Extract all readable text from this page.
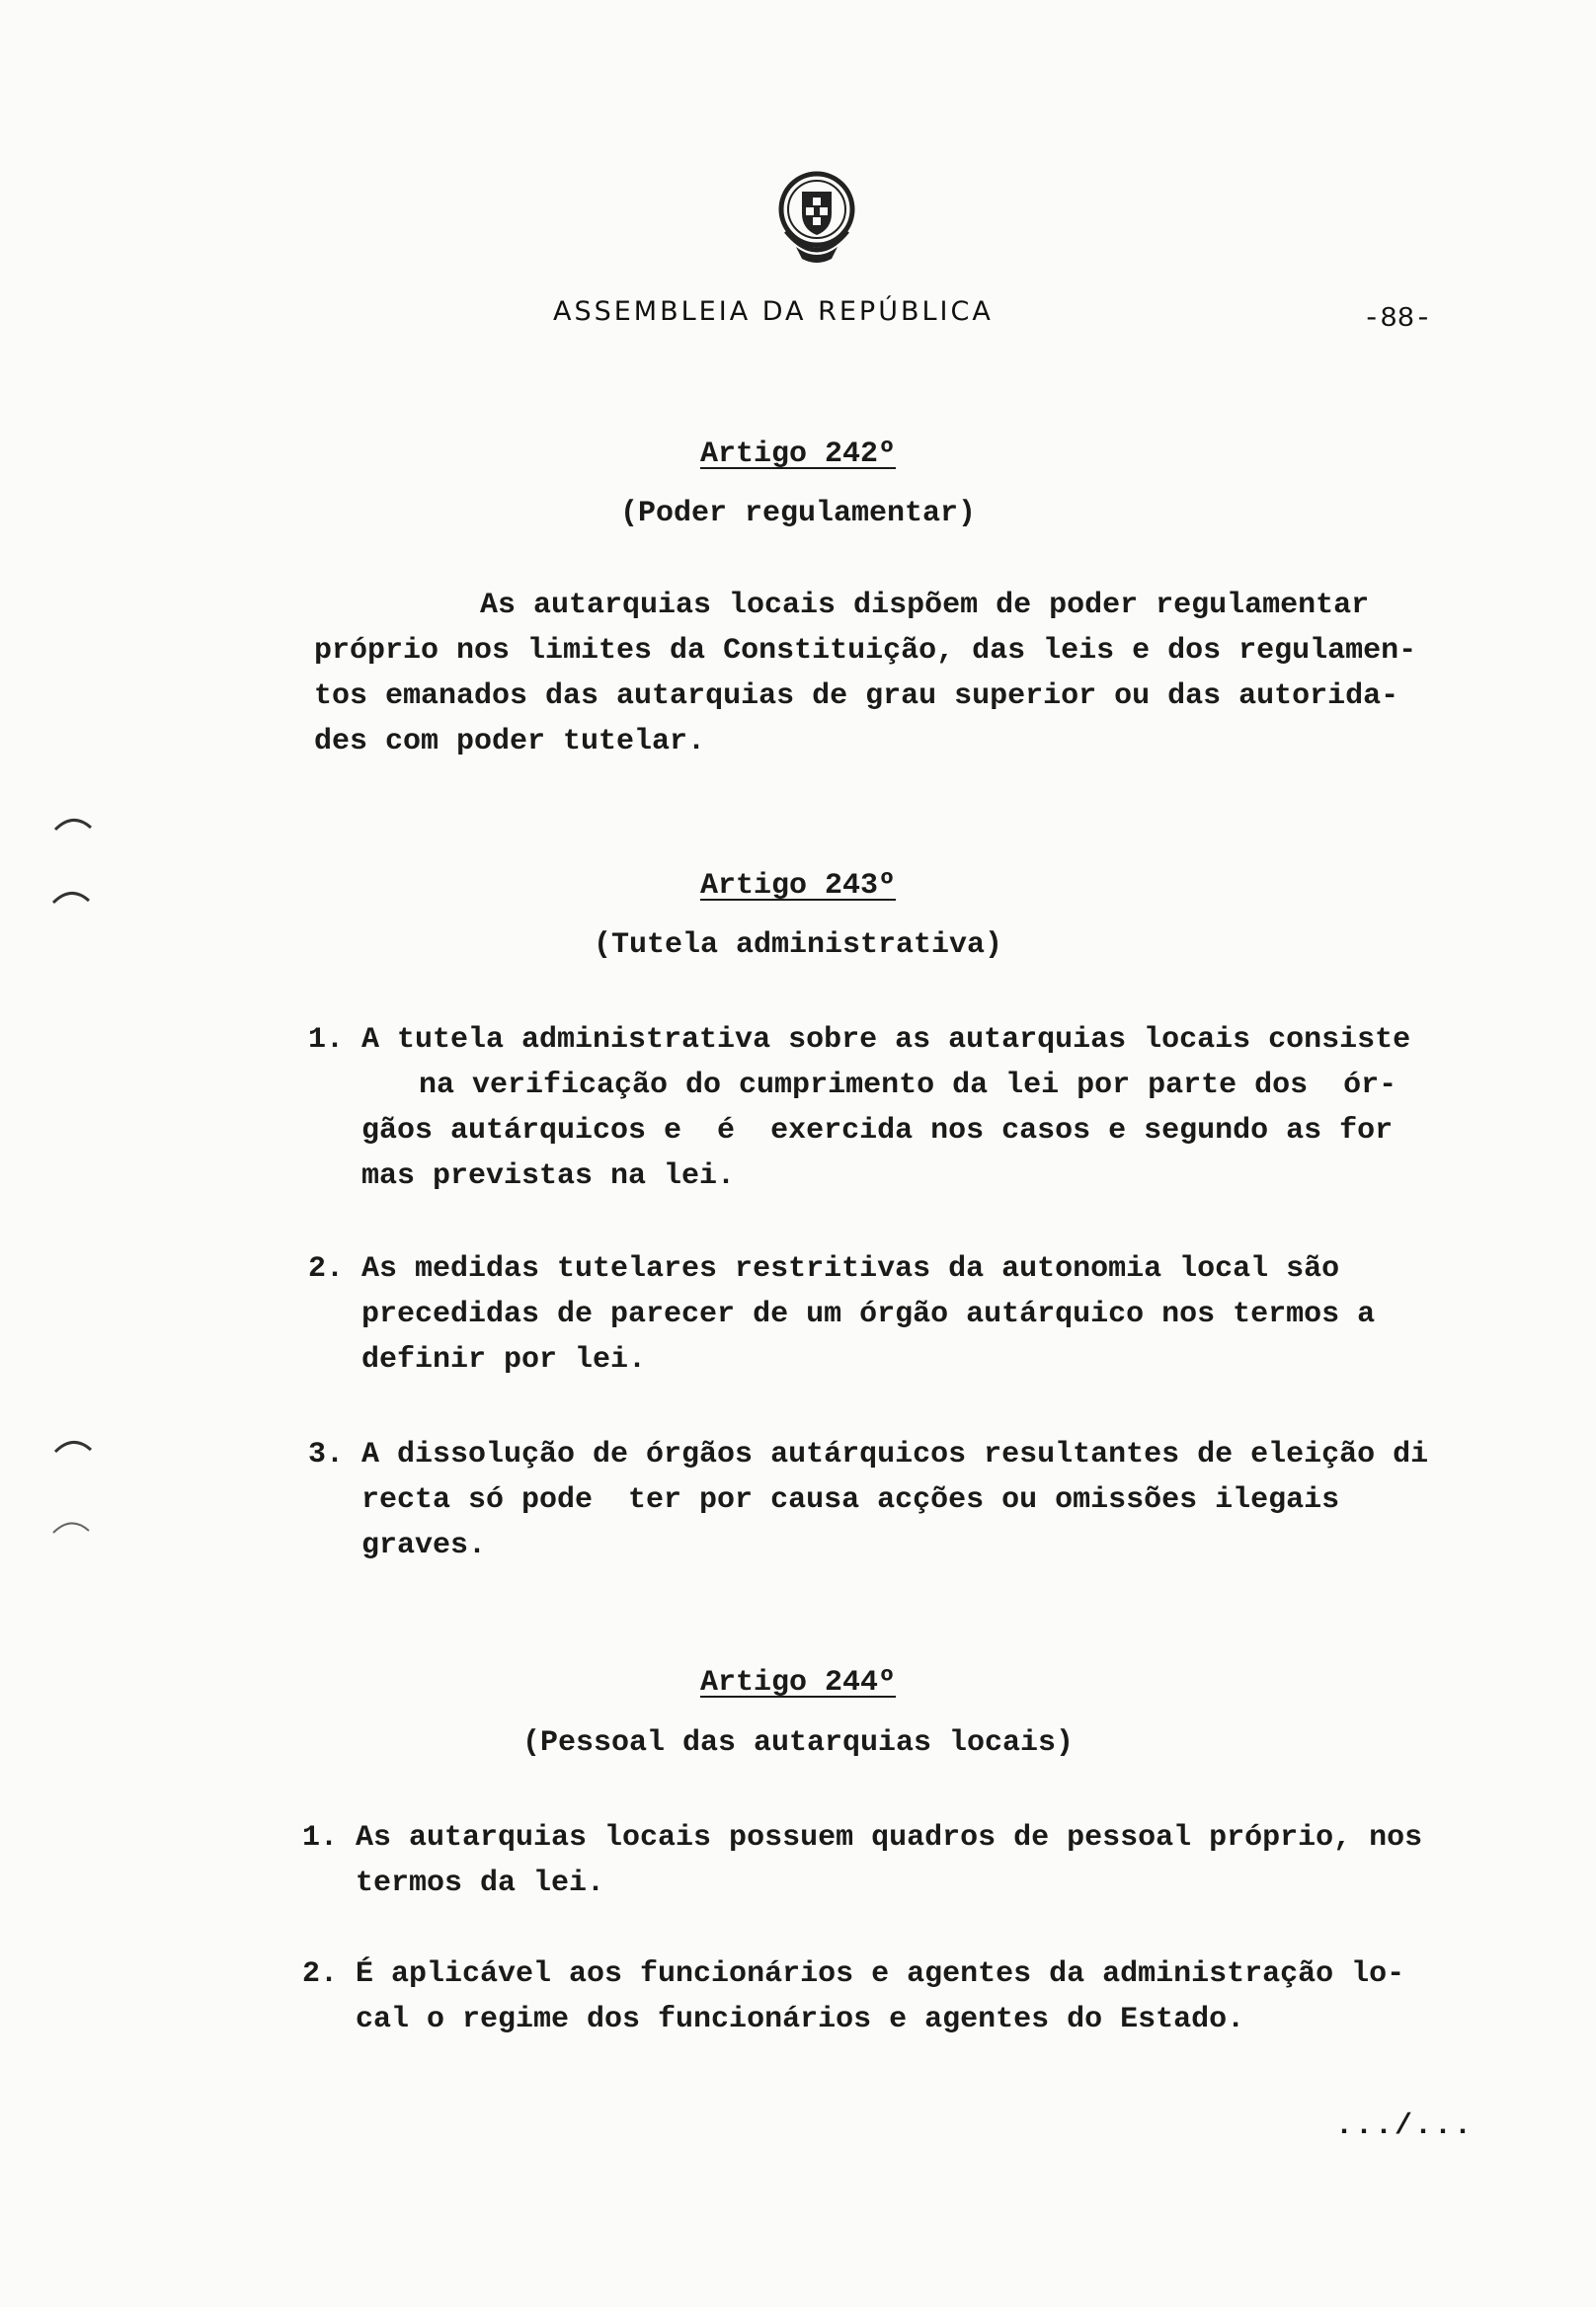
ASSEMBLEIA DA REPÚBLICA	-88-
Artigo 242º
(Poder regulamentar)
As autarquias locais dispõem de poder regulamentar
próprio nos limites da Constituição, das leis e dos regulamen-
tos emanados das autarquias de grau superior ou das autorida-
des com poder tutelar.
Artigo 243º
(Tutela administrativa)
1. A tutela administrativa sobre as autarquias locais consiste
na verificação do cumprimento da lei por parte dos  ór-
gãos autárquicos e  é  exercida nos casos e segundo as for
mas previstas na lei.
2. As medidas tutelares restritivas da autonomia local são
precedidas de parecer de um órgão autárquico nos termos a
definir por lei.
3. A dissolução de órgãos autárquicos resultantes de eleição di
recta só pode  ter por causa acções ou omissões ilegais
graves.
Artigo 244º
(Pessoal das autarquias locais)
1. As autarquias locais possuem quadros de pessoal próprio, nos
termos da lei.
2. É aplicável aos funcionários e agentes da administração lo-
cal o regime dos funcionários e agentes do Estado.
.../...
